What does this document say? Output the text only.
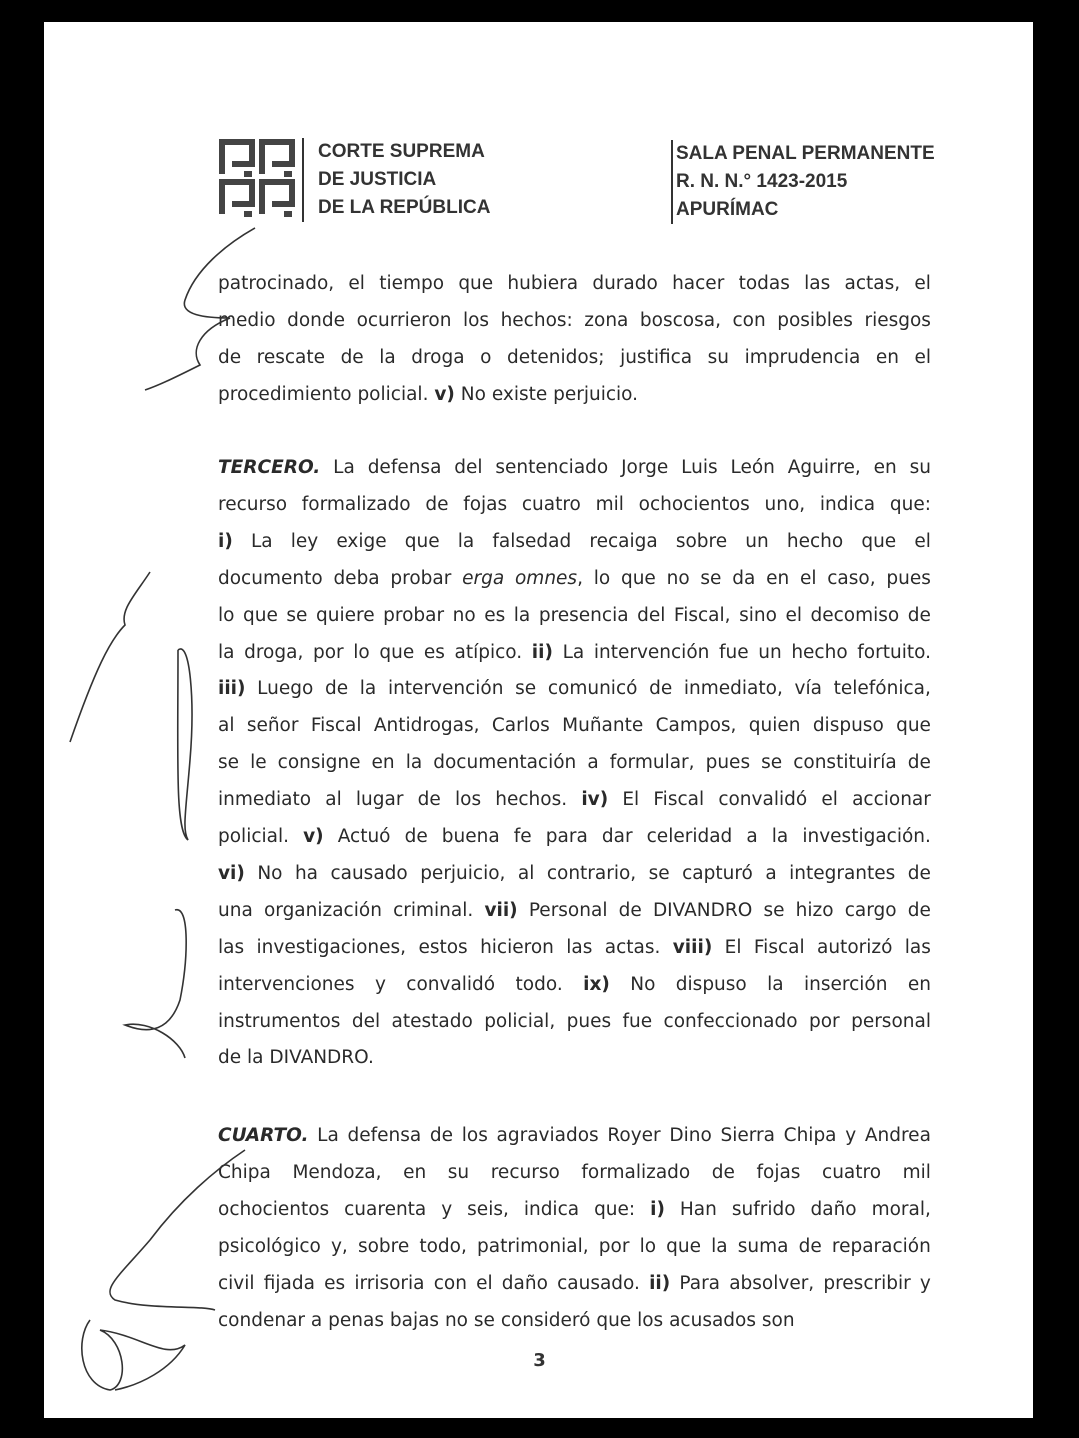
CORTE SUPREMA
DE JUSTICIA
DE LA REPÚBLICA
SALA PENAL PERMANENTE
R. N. N.° 1423-2015
APURÍMAC
patrocinado, el tiempo que hubiera durado hacer todas las actas, el
medio donde ocurrieron los hechos: zona boscosa, con posibles riesgos
de rescate de la droga o detenidos; justifica su imprudencia en el
procedimiento policial. v) No existe perjuicio.
TERCERO. La defensa del sentenciado Jorge Luis León Aguirre, en su
recurso formalizado de fojas cuatro mil ochocientos uno, indica que:
i) La ley exige que la falsedad recaiga sobre un hecho que el
documento deba probar erga omnes, lo que no se da en el caso, pues
lo que se quiere probar no es la presencia del Fiscal, sino el decomiso de
la droga, por lo que es atípico. ii) La intervención fue un hecho fortuito.
iii) Luego de la intervención se comunicó de inmediato, vía telefónica,
al señor Fiscal Antidrogas, Carlos Muñante Campos, quien dispuso que
se le consigne en la documentación a formular, pues se constituiría de
inmediato al lugar de los hechos. iv) El Fiscal convalidó el accionar
policial. v) Actuó de buena fe para dar celeridad a la investigación.
vi) No ha causado perjuicio, al contrario, se capturó a integrantes de
una organización criminal. vii) Personal de DIVANDRO se hizo cargo de
las investigaciones, estos hicieron las actas. viii) El Fiscal autorizó las
intervenciones y convalidó todo. ix) No dispuso la inserción en
instrumentos del atestado policial, pues fue confeccionado por personal
de la DIVANDRO.
CUARTO. La defensa de los agraviados Royer Dino Sierra Chipa y Andrea
Chipa Mendoza, en su recurso formalizado de fojas cuatro mil
ochocientos cuarenta y seis, indica que: i) Han sufrido daño moral,
psicológico y, sobre todo, patrimonial, por lo que la suma de reparación
civil fijada es irrisoria con el daño causado. ii) Para absolver, prescribir y
condenar a penas bajas no se consideró que los acusados son
3
